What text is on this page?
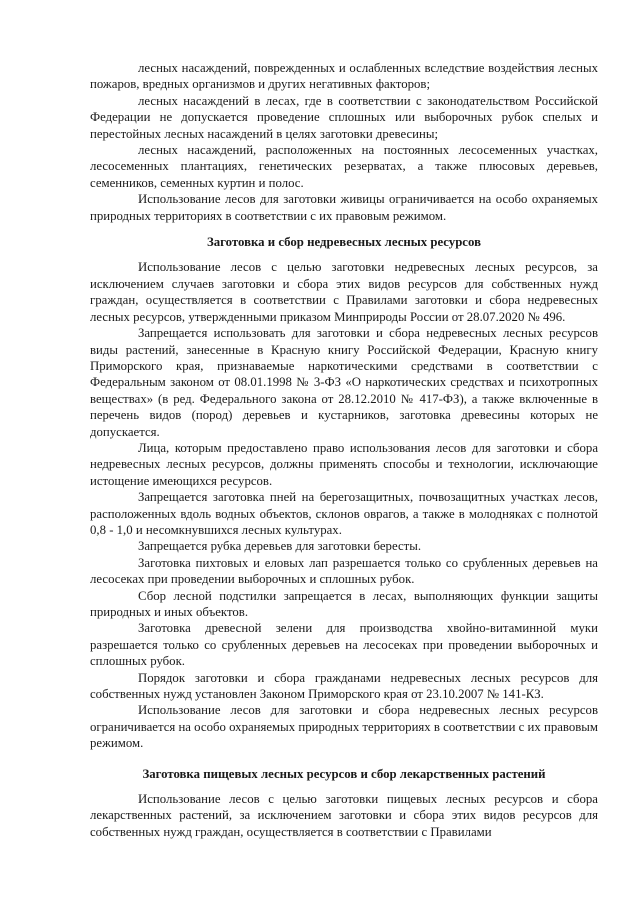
лесных насаждений, поврежденных и ослабленных вследствие воздействия лесных пожаров, вредных организмов и других негативных факторов;

лесных насаждений в лесах, где в соответствии с законодательством Российской Федерации не допускается проведение сплошных или выборочных рубок спелых и перестойных лесных насаждений в целях заготовки древесины;

лесных насаждений, расположенных на постоянных лесосеменных участках, лесосеменных плантациях, генетических резерватах, а также плюсовых деревьев, семенников, семенных куртин и полос.

Использование лесов для заготовки живицы ограничивается на особо охраняемых природных территориях в соответствии с их правовым режимом.

Заготовка и сбор недревесных лесных ресурсов

Использование лесов с целью заготовки недревесных лесных ресурсов, за исключением случаев заготовки и сбора этих видов ресурсов для собственных нужд граждан, осуществляется в соответствии с Правилами заготовки и сбора недревесных лесных ресурсов, утвержденными приказом Минприроды России от 28.07.2020 № 496.

Запрещается использовать для заготовки и сбора недревесных лесных ресурсов виды растений, занесенные в Красную книгу Российской Федерации, Красную книгу Приморского края, признаваемые наркотическими средствами в соответствии с Федеральным законом от 08.01.1998 № 3-ФЗ «О наркотических средствах и психотропных веществах» (в ред. Федерального закона от 28.12.2010 № 417-ФЗ), а также включенные в перечень видов (пород) деревьев и кустарников, заготовка древесины которых не допускается.

Лица, которым предоставлено право использования лесов для заготовки и сбора недревесных лесных ресурсов, должны применять способы и технологии, исключающие истощение имеющихся ресурсов.

Запрещается заготовка пней на берегозащитных, почвозащитных участках лесов, расположенных вдоль водных объектов, склонов оврагов, а также в молодняках с полнотой 0,8 - 1,0 и несомкнувшихся лесных культурах.

Запрещается рубка деревьев для заготовки бересты.

Заготовка пихтовых и еловых лап разрешается только со срубленных деревьев на лесосеках при проведении выборочных и сплошных рубок.

Сбор лесной подстилки запрещается в лесах, выполняющих функции защиты природных и иных объектов.

Заготовка древесной зелени для производства хвойно-витаминной муки разрешается только со срубленных деревьев на лесосеках при проведении выборочных и сплошных рубок.

Порядок заготовки и сбора гражданами недревесных лесных ресурсов для собственных нужд установлен Законом Приморского края от 23.10.2007 № 141-КЗ.

Использование лесов для заготовки и сбора недревесных лесных ресурсов ограничивается на особо охраняемых природных территориях в соответствии с их правовым режимом.

Заготовка пищевых лесных ресурсов и сбор лекарственных растений

Использование лесов с целью заготовки пищевых лесных ресурсов и сбора лекарственных растений, за исключением заготовки и сбора этих видов ресурсов для собственных нужд граждан, осуществляется в соответствии с Правилами
